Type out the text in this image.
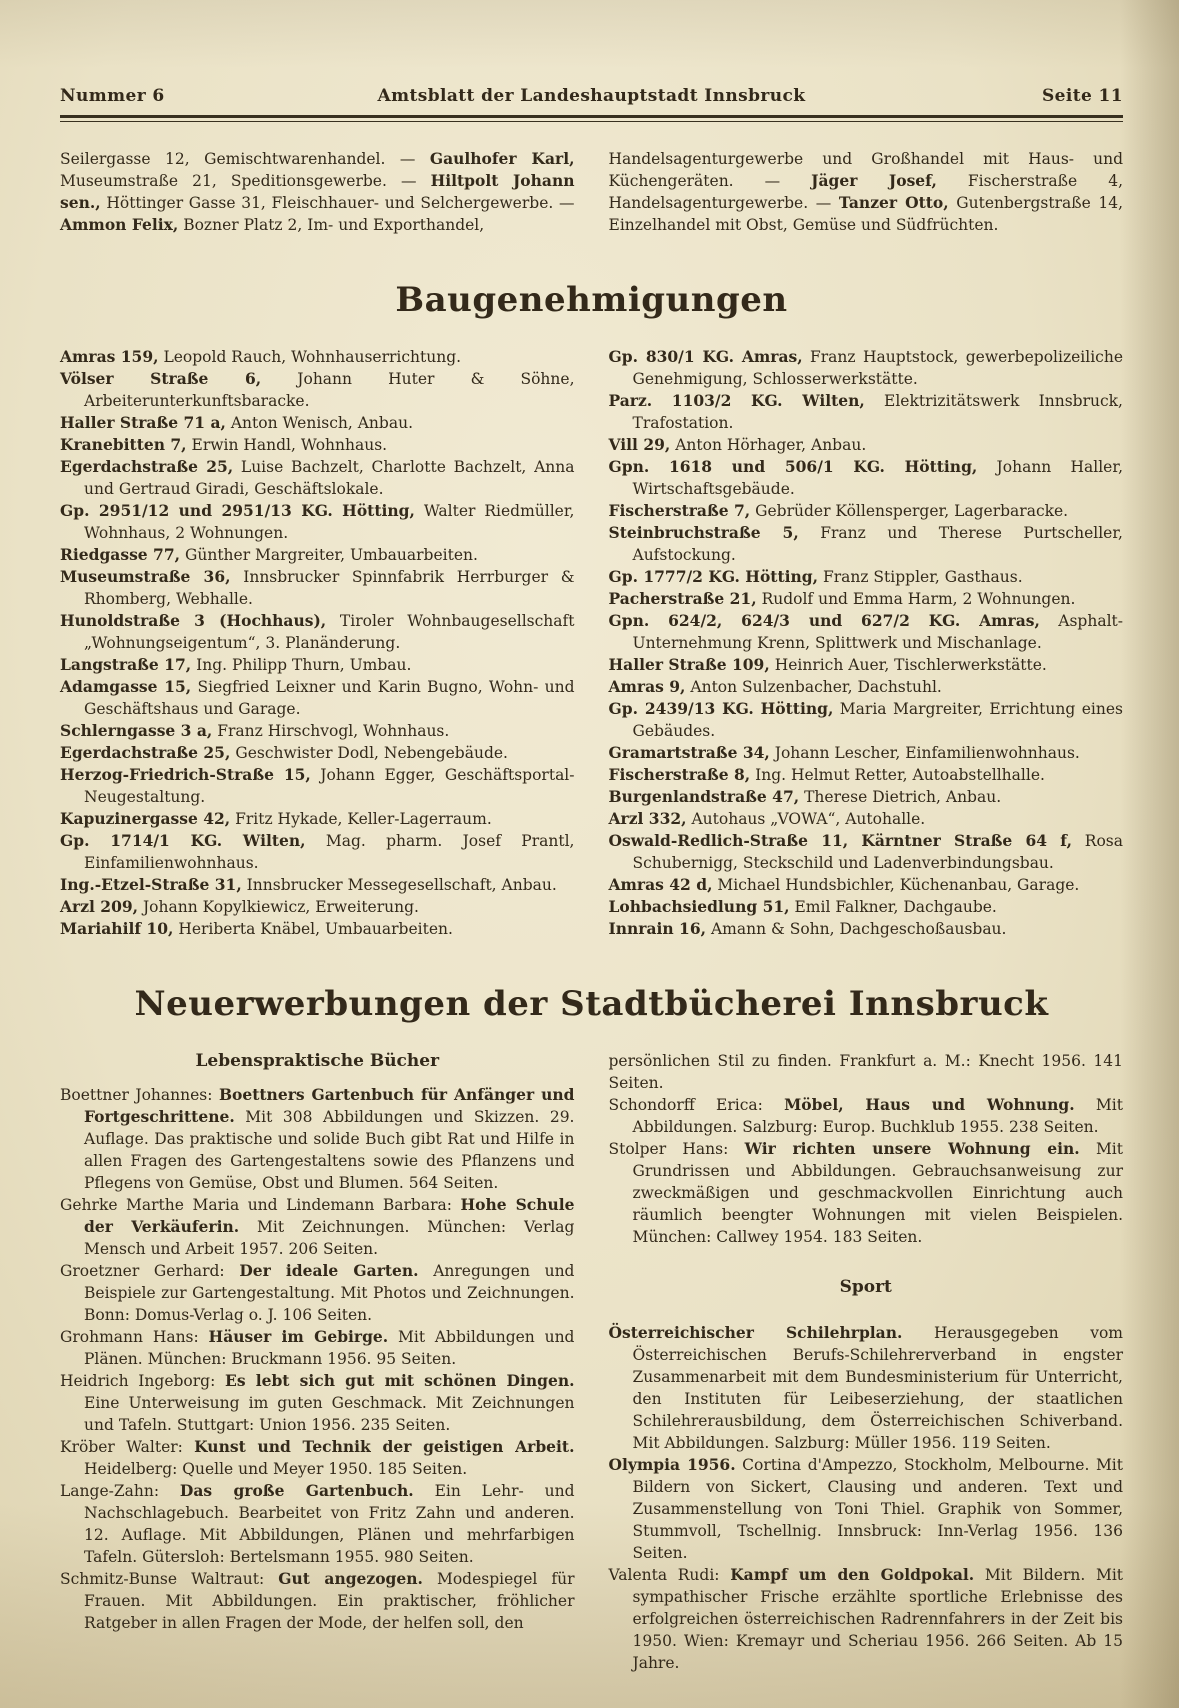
Nummer 6	Amtsblatt der Landeshauptstadt Innsbruck	Seite 11

Seilergasse 12, Gemischtwarenhandel. — Gaulhofer Karl, Museumstraße 21, Speditionsgewerbe. — Hiltpolt Johann sen., Höttinger Gasse 31, Fleischhauer- und Selchergewerbe. — Ammon Felix, Bozner Platz 2, Im- und Exporthandel,

Handelsagenturgewerbe und Großhandel mit Haus- und Küchengeräten. — Jäger Josef, Fischerstraße 4, Handelsagenturgewerbe. — Tanzer Otto, Gutenbergstraße 14, Einzelhandel mit Obst, Gemüse und Südfrüchten.

Baugenehmigungen

Amras 159, Leopold Rauch, Wohnhauserrichtung.

Völser Straße 6, Johann Huter & Söhne, Arbeiterunterkunftsbaracke.

Haller Straße 71 a, Anton Wenisch, Anbau.

Kranebitten 7, Erwin Handl, Wohnhaus.

Egerdachstraße 25, Luise Bachzelt, Charlotte Bachzelt, Anna und Gertraud Giradi, Geschäftslokale.

Gp. 2951/12 und 2951/13 KG. Hötting, Walter Riedmüller, Wohnhaus, 2 Wohnungen.

Riedgasse 77, Günther Margreiter, Umbauarbeiten.

Museumstraße 36, Innsbrucker Spinnfabrik Herrburger & Rhomberg, Webhalle.

Hunoldstraße 3 (Hochhaus), Tiroler Wohnbaugesellschaft „Wohnungseigentum“, 3. Planänderung.

Langstraße 17, Ing. Philipp Thurn, Umbau.

Adamgasse 15, Siegfried Leixner und Karin Bugno, Wohn- und Geschäftshaus und Garage.

Schlerngasse 3 a, Franz Hirschvogl, Wohnhaus.

Egerdachstraße 25, Geschwister Dodl, Nebengebäude.

Herzog-Friedrich-Straße 15, Johann Egger, Geschäftsportal-Neugestaltung.

Kapuzinergasse 42, Fritz Hykade, Keller-Lagerraum.

Gp. 1714/1 KG. Wilten, Mag. pharm. Josef Prantl, Einfamilienwohnhaus.

Ing.-Etzel-Straße 31, Innsbrucker Messegesellschaft, Anbau.

Arzl 209, Johann Kopylkiewicz, Erweiterung.

Mariahilf 10, Heriberta Knäbel, Umbauarbeiten.

Gp. 830/1 KG. Amras, Franz Hauptstock, gewerbepolizeiliche Genehmigung, Schlosserwerkstätte.

Parz. 1103/2 KG. Wilten, Elektrizitätswerk Innsbruck, Trafostation.

Vill 29, Anton Hörhager, Anbau.

Gpn. 1618 und 506/1 KG. Hötting, Johann Haller, Wirtschaftsgebäude.

Fischerstraße 7, Gebrüder Köllensperger, Lagerbaracke.

Steinbruchstraße 5, Franz und Therese Purtscheller, Aufstockung.

Gp. 1777/2 KG. Hötting, Franz Stippler, Gasthaus.

Pacherstraße 21, Rudolf und Emma Harm, 2 Wohnungen.

Gpn. 624/2, 624/3 und 627/2 KG. Amras, Asphalt-Unternehmung Krenn, Splittwerk und Mischanlage.

Haller Straße 109, Heinrich Auer, Tischlerwerkstätte.

Amras 9, Anton Sulzenbacher, Dachstuhl.

Gp. 2439/13 KG. Hötting, Maria Margreiter, Errichtung eines Gebäudes.

Gramartstraße 34, Johann Lescher, Einfamilienwohnhaus.

Fischerstraße 8, Ing. Helmut Retter, Autoabstellhalle.

Burgenlandstraße 47, Therese Dietrich, Anbau.

Arzl 332, Autohaus „VOWA“, Autohalle.

Oswald-Redlich-Straße 11, Kärntner Straße 64 f, Rosa Schubernigg, Steckschild und Ladenverbindungsbau.

Amras 42 d, Michael Hundsbichler, Küchenanbau, Garage.

Lohbachsiedlung 51, Emil Falkner, Dachgaube.

Innrain 16, Amann & Sohn, Dachgeschoßausbau.

Neuerwerbungen der Stadtbücherei Innsbruck
Lebenspraktische Bücher

Boettner Johannes: Boettners Gartenbuch für Anfänger und Fortgeschrittene. Mit 308 Abbildungen und Skizzen. 29. Auflage. Das praktische und solide Buch gibt Rat und Hilfe in allen Fragen des Gartengestaltens sowie des Pflanzens und Pflegens von Gemüse, Obst und Blumen. 564 Seiten.

Gehrke Marthe Maria und Lindemann Barbara: Hohe Schule der Verkäuferin. Mit Zeichnungen. München: Verlag Mensch und Arbeit 1957. 206 Seiten.

Groetzner Gerhard: Der ideale Garten. Anregungen und Beispiele zur Gartengestaltung. Mit Photos und Zeichnungen. Bonn: Domus-Verlag o. J. 106 Seiten.

Grohmann Hans: Häuser im Gebirge. Mit Abbildungen und Plänen. München: Bruckmann 1956. 95 Seiten.

Heidrich Ingeborg: Es lebt sich gut mit schönen Dingen. Eine Unterweisung im guten Geschmack. Mit Zeichnungen und Tafeln. Stuttgart: Union 1956. 235 Seiten.

Kröber Walter: Kunst und Technik der geistigen Arbeit. Heidelberg: Quelle und Meyer 1950. 185 Seiten.

Lange-Zahn: Das große Gartenbuch. Ein Lehr- und Nachschlagebuch. Bearbeitet von Fritz Zahn und anderen. 12. Auflage. Mit Abbildungen, Plänen und mehrfarbigen Tafeln. Gütersloh: Bertelsmann 1955. 980 Seiten.

Schmitz-Bunse Waltraut: Gut angezogen. Modespiegel für Frauen. Mit Abbildungen. Ein praktischer, fröhlicher Ratgeber in allen Fragen der Mode, der helfen soll, den

persönlichen Stil zu finden. Frankfurt a. M.: Knecht 1956. 141 Seiten.

Schondorff Erica: Möbel, Haus und Wohnung. Mit Abbildungen. Salzburg: Europ. Buchklub 1955. 238 Seiten.

Stolper Hans: Wir richten unsere Wohnung ein. Mit Grundrissen und Abbildungen. Gebrauchsanweisung zur zweckmäßigen und geschmackvollen Einrichtung auch räumlich beengter Wohnungen mit vielen Beispielen. München: Callwey 1954. 183 Seiten.

Sport

Österreichischer Schilehrplan. Herausgegeben vom Österreichischen Berufs-Schilehrerverband in engster Zusammenarbeit mit dem Bundesministerium für Unterricht, den Instituten für Leibeserziehung, der staatlichen Schilehrerausbildung, dem Österreichischen Schiverband. Mit Abbildungen. Salzburg: Müller 1956. 119 Seiten.

Olympia 1956. Cortina d'Ampezzo, Stockholm, Melbourne. Mit Bildern von Sickert, Clausing und anderen. Text und Zusammenstellung von Toni Thiel. Graphik von Sommer, Stummvoll, Tschellnig. Innsbruck: Inn-Verlag 1956. 136 Seiten.

Valenta Rudi: Kampf um den Goldpokal. Mit Bildern. Mit sympathischer Frische erzählte sportliche Erlebnisse des erfolgreichen österreichischen Radrennfahrers in der Zeit bis 1950. Wien: Kremayr und Scheriau 1956. 266 Seiten. Ab 15 Jahre.
